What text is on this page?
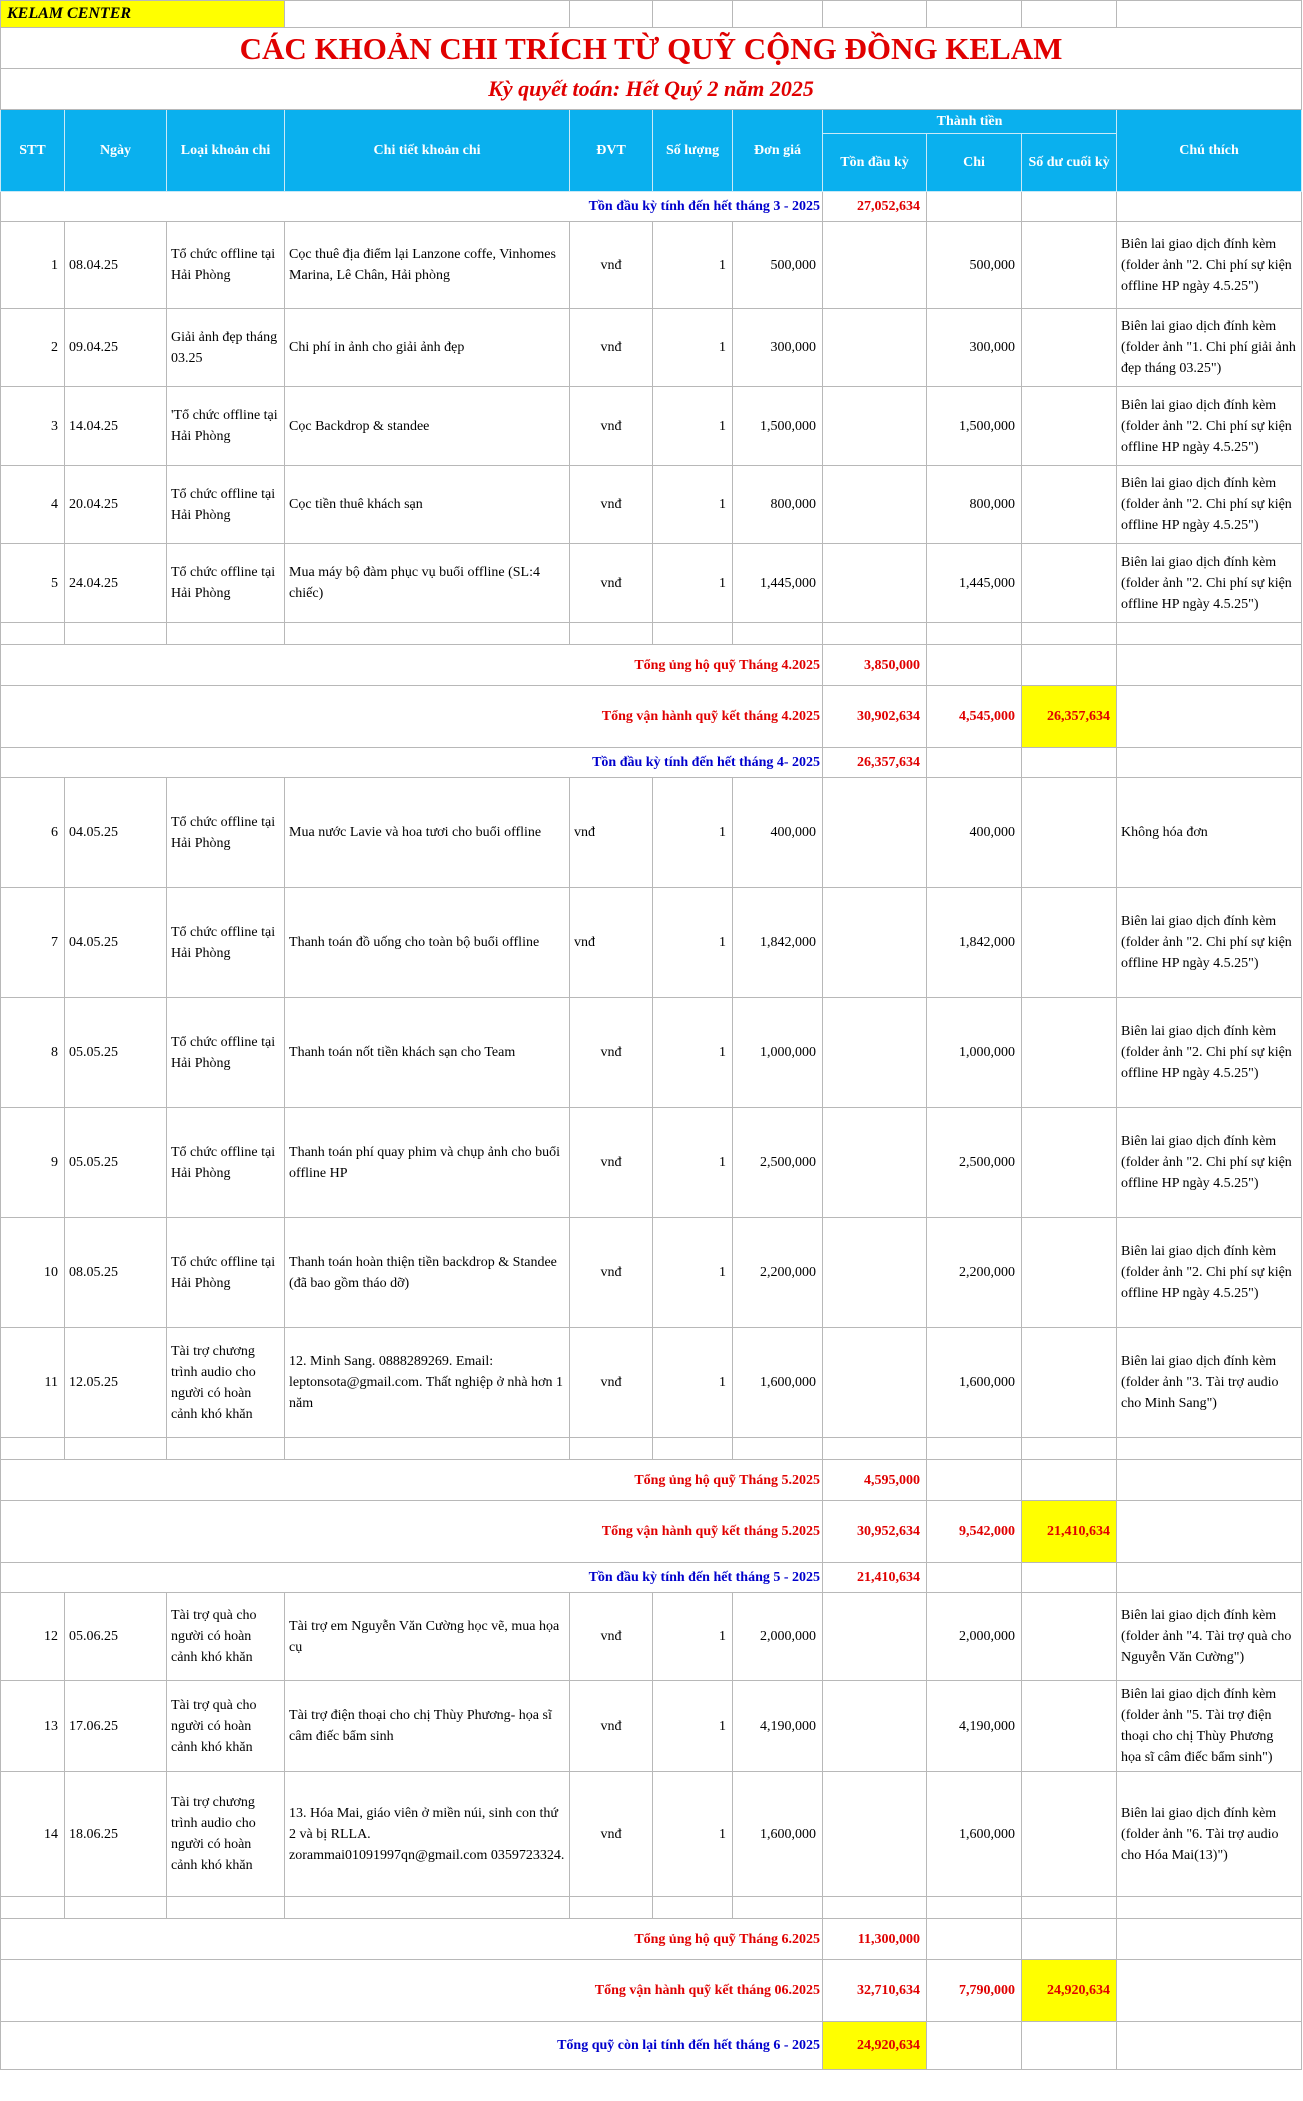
KELAM CENTER										
CÁC KHOẢN CHI TRÍCH TỪ QUỸ CỘNG ĐỒNG KELAM										
Kỳ quyết toán: Hết Quý 2 năm 2025										
STT	Ngày	Loại khoản chi	Chi tiết khoản chi	ĐVT	Số lượng	Đơn giá	Thành tiền			Chú thích
							Tồn đầu kỳ	Chi	Số dư cuối kỳ	
Tồn đầu kỳ tính đến hết tháng 3 - 2025							27,052,634			
1	08.04.25	Tổ chức offline tại Hải Phòng	Cọc thuê địa điểm lại Lanzone coffe, Vinhomes Marina, Lê Chân, Hải phòng	vnđ	1	500,000		500,000		Biên lai giao dịch đính kèm (folder ảnh "2. Chi phí sự kiện offline HP ngày 4.5.25")
2	09.04.25	Giải ảnh đẹp tháng 03.25	Chi phí in ảnh cho giải ảnh đẹp	vnđ	1	300,000		300,000		Biên lai giao dịch đính kèm (folder ảnh "1. Chi phí giải ảnh đẹp tháng 03.25")
3	14.04.25	'Tổ chức offline tại Hải Phòng	Cọc Backdrop & standee	vnđ	1	1,500,000		1,500,000		Biên lai giao dịch đính kèm (folder ảnh "2. Chi phí sự kiện offline HP ngày 4.5.25")
4	20.04.25	Tổ chức offline tại Hải Phòng	Cọc tiền thuê khách sạn	vnđ	1	800,000		800,000		Biên lai giao dịch đính kèm (folder ảnh "2. Chi phí sự kiện offline HP ngày 4.5.25")
5	24.04.25	Tổ chức offline tại Hải Phòng	Mua máy bộ đàm phục vụ buổi offline (SL:4 chiếc)	vnđ	1	1,445,000		1,445,000		Biên lai giao dịch đính kèm (folder ảnh "2. Chi phí sự kiện offline HP ngày 4.5.25")

Tổng ủng hộ quỹ Tháng 4.2025							3,850,000			
Tổng vận hành quỹ kết tháng 4.2025							30,902,634	4,545,000	26,357,634	
Tồn đầu kỳ tính đến hết tháng 4- 2025							26,357,634			
6	04.05.25	Tổ chức offline tại Hải Phòng	Mua nước Lavie và hoa tươi cho buổi offline	vnđ	1	400,000		400,000		Không hóa đơn
7	04.05.25	Tổ chức offline tại Hải Phòng	Thanh toán đồ uống cho toàn bộ buổi offline	vnđ	1	1,842,000		1,842,000		Biên lai giao dịch đính kèm (folder ảnh "2. Chi phí sự kiện offline HP ngày 4.5.25")
8	05.05.25	Tổ chức offline tại Hải Phòng	Thanh toán nốt tiền khách sạn cho Team	vnđ	1	1,000,000		1,000,000		Biên lai giao dịch đính kèm (folder ảnh "2. Chi phí sự kiện offline HP ngày 4.5.25")
9	05.05.25	Tổ chức offline tại Hải Phòng	Thanh toán phí quay phim và chụp ảnh cho buổi offline HP	vnđ	1	2,500,000		2,500,000		Biên lai giao dịch đính kèm (folder ảnh "2. Chi phí sự kiện offline HP ngày 4.5.25")
10	08.05.25	Tổ chức offline tại Hải Phòng	Thanh toán hoàn thiện tiền backdrop & Standee (đã bao gồm tháo dỡ)	vnđ	1	2,200,000		2,200,000		Biên lai giao dịch đính kèm (folder ảnh "2. Chi phí sự kiện offline HP ngày 4.5.25")
11	12.05.25	Tài trợ chương trình audio cho người có hoàn cảnh khó khăn	12. Minh Sang. 0888289269. Email: leptonsota@gmail.com. Thất nghiệp ở nhà hơn 1 năm	vnđ	1	1,600,000		1,600,000		Biên lai giao dịch đính kèm (folder ảnh "3. Tài trợ audio cho Minh Sang")

Tổng ủng hộ quỹ Tháng 5.2025							4,595,000			
Tổng vận hành quỹ kết tháng 5.2025							30,952,634	9,542,000	21,410,634	
Tồn đầu kỳ tính đến hết tháng 5 - 2025							21,410,634			
12	05.06.25	Tài trợ quà cho người có hoàn cảnh khó khăn	Tài trợ em Nguyễn Văn Cường học vẽ, mua họa cụ	vnđ	1	2,000,000		2,000,000		Biên lai giao dịch đính kèm (folder ảnh "4. Tài trợ quà cho Nguyễn Văn Cường")
13	17.06.25	Tài trợ quà cho người có hoàn cảnh khó khăn	Tài trợ điện thoại cho chị Thùy Phương- họa sĩ câm điếc bẩm sinh	vnđ	1	4,190,000		4,190,000		Biên lai giao dịch đính kèm (folder ảnh "5. Tài trợ điện thoại cho chị Thùy Phương họa sĩ câm điếc bẩm sinh")
14	18.06.25	Tài trợ chương trình audio cho người có hoàn cảnh khó khăn	13. Hóa Mai, giáo viên ở miền núi, sinh con thứ 2 và bị RLLA. zorammai01091997qn@gmail.com 0359723324.	vnđ	1	1,600,000		1,600,000		Biên lai giao dịch đính kèm (folder ảnh "6. Tài trợ audio cho Hóa Mai(13)")

Tổng ủng hộ quỹ Tháng 6.2025							11,300,000			
Tổng vận hành quỹ kết tháng 06.2025							32,710,634	7,790,000	24,920,634	
Tổng quỹ còn lại tính đến hết tháng 6 - 2025							24,920,634			
